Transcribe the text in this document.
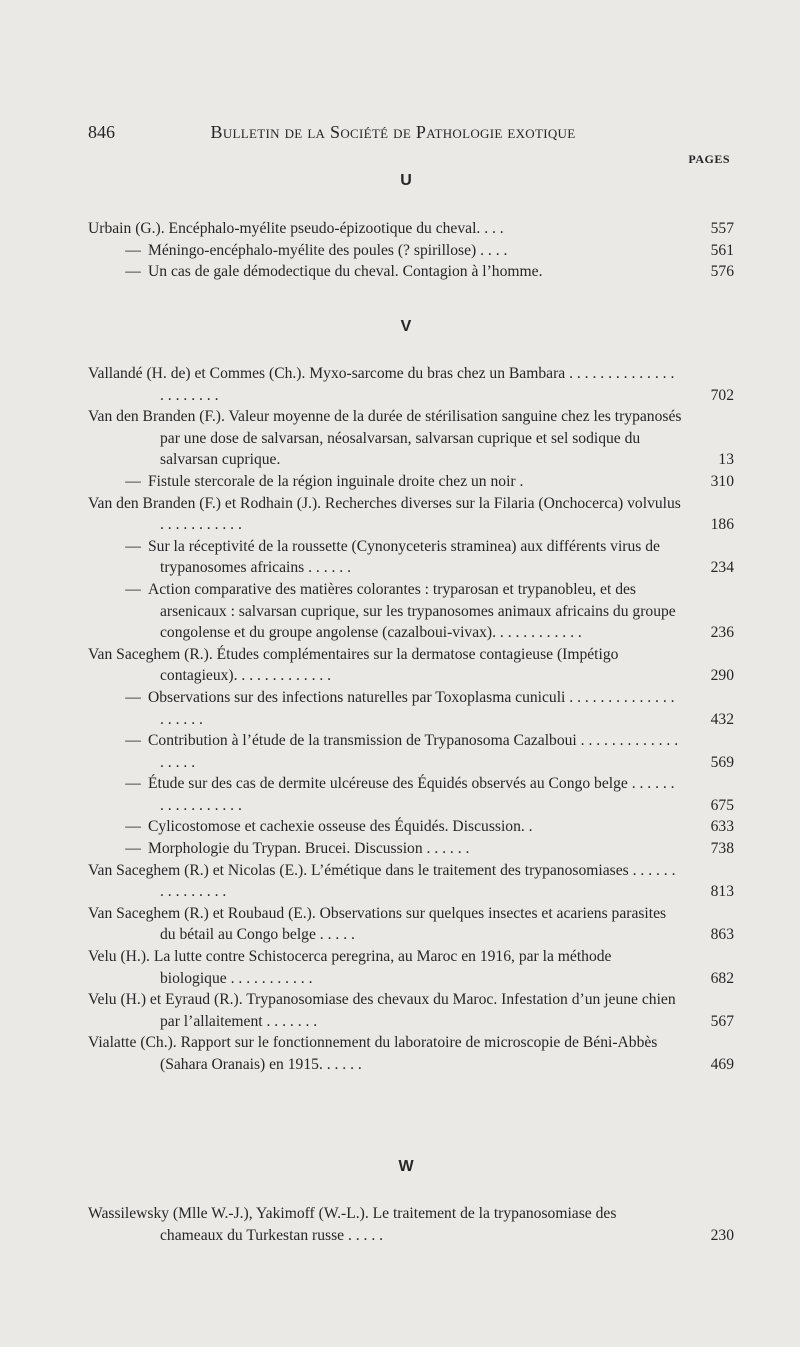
846	Bulletin de la Société de Pathologie exotique
PAGES
U
Urbain (G.). Encéphalo-myélite pseudo-épizootique du cheval. . . .	557
— Méningo-encéphalo-myélite des poules (? spirillose) . . . .	561
— Un cas de gale démodectique du cheval. Contagion à l’homme.	576
V
Vallandé (H. de) et Commes (Ch.). Myxo-sarcome du bras chez un Bambara . . . . . . . . . . . . . . . . . . . . . .	702
Van den Branden (F.). Valeur moyenne de la durée de stérilisation sanguine chez les trypanosés par une dose de salvarsan, néosalvarsan, salvarsan cuprique et sel sodique du salvarsan cuprique.	13
— Fistule stercorale de la région inguinale droite chez un noir .	310
Van den Branden (F.) et Rodhain (J.). Recherches diverses sur la Filaria (Onchocerca) volvulus . . . . . . . . . . .	186
— Sur la réceptivité de la roussette (Cynonyceteris straminea) aux différents virus de trypanosomes africains . . . . . .	234
— Action comparative des matières colorantes : tryparosan et trypanobleu, et des arsenicaux : salvarsan cuprique, sur les trypanosomes animaux africains du groupe congolense et du groupe angolense (cazalboui-vivax). . . . . . . . . . . .	236
Van Saceghem (R.). Études complémentaires sur la dermatose contagieuse (Impétigo contagieux). . . . . . . . . . . . .	290
— Observations sur des infections naturelles par Toxoplasma cuniculi . . . . . . . . . . . . . . . . . . . .	432
— Contribution à l’étude de la transmission de Trypanosoma Cazalboui . . . . . . . . . . . . . . . . . .	569
— Étude sur des cas de dermite ulcéreuse des Équidés observés au Congo belge . . . . . . . . . . . . . . . . .	675
— Cylicostomose et cachexie osseuse des Équidés. Discussion. .	633
— Morphologie du Trypan. Brucei. Discussion . . . . . .	738
Van Saceghem (R.) et Nicolas (E.). L’émétique dans le traitement des trypanosomiases . . . . . . . . . . . . . . .	813
Van Saceghem (R.) et Roubaud (E.). Observations sur quelques insectes et acariens parasites du bétail au Congo belge . . . . .	863
Velu (H.). La lutte contre Schistocerca peregrina, au Maroc en 1916, par la méthode biologique . . . . . . . . . . .	682
Velu (H.) et Eyraud (R.). Trypanosomiase des chevaux du Maroc. Infestation d’un jeune chien par l’allaitement . . . . . . .	567
Vialatte (Ch.). Rapport sur le fonctionnement du laboratoire de microscopie de Béni-Abbès (Sahara Oranais) en 1915. . . . . .	469
W
Wassilewsky (Mlle W.-J.), Yakimoff (W.-L.). Le traitement de la trypanosomiase des chameaux du Turkestan russe . . . . .	230
